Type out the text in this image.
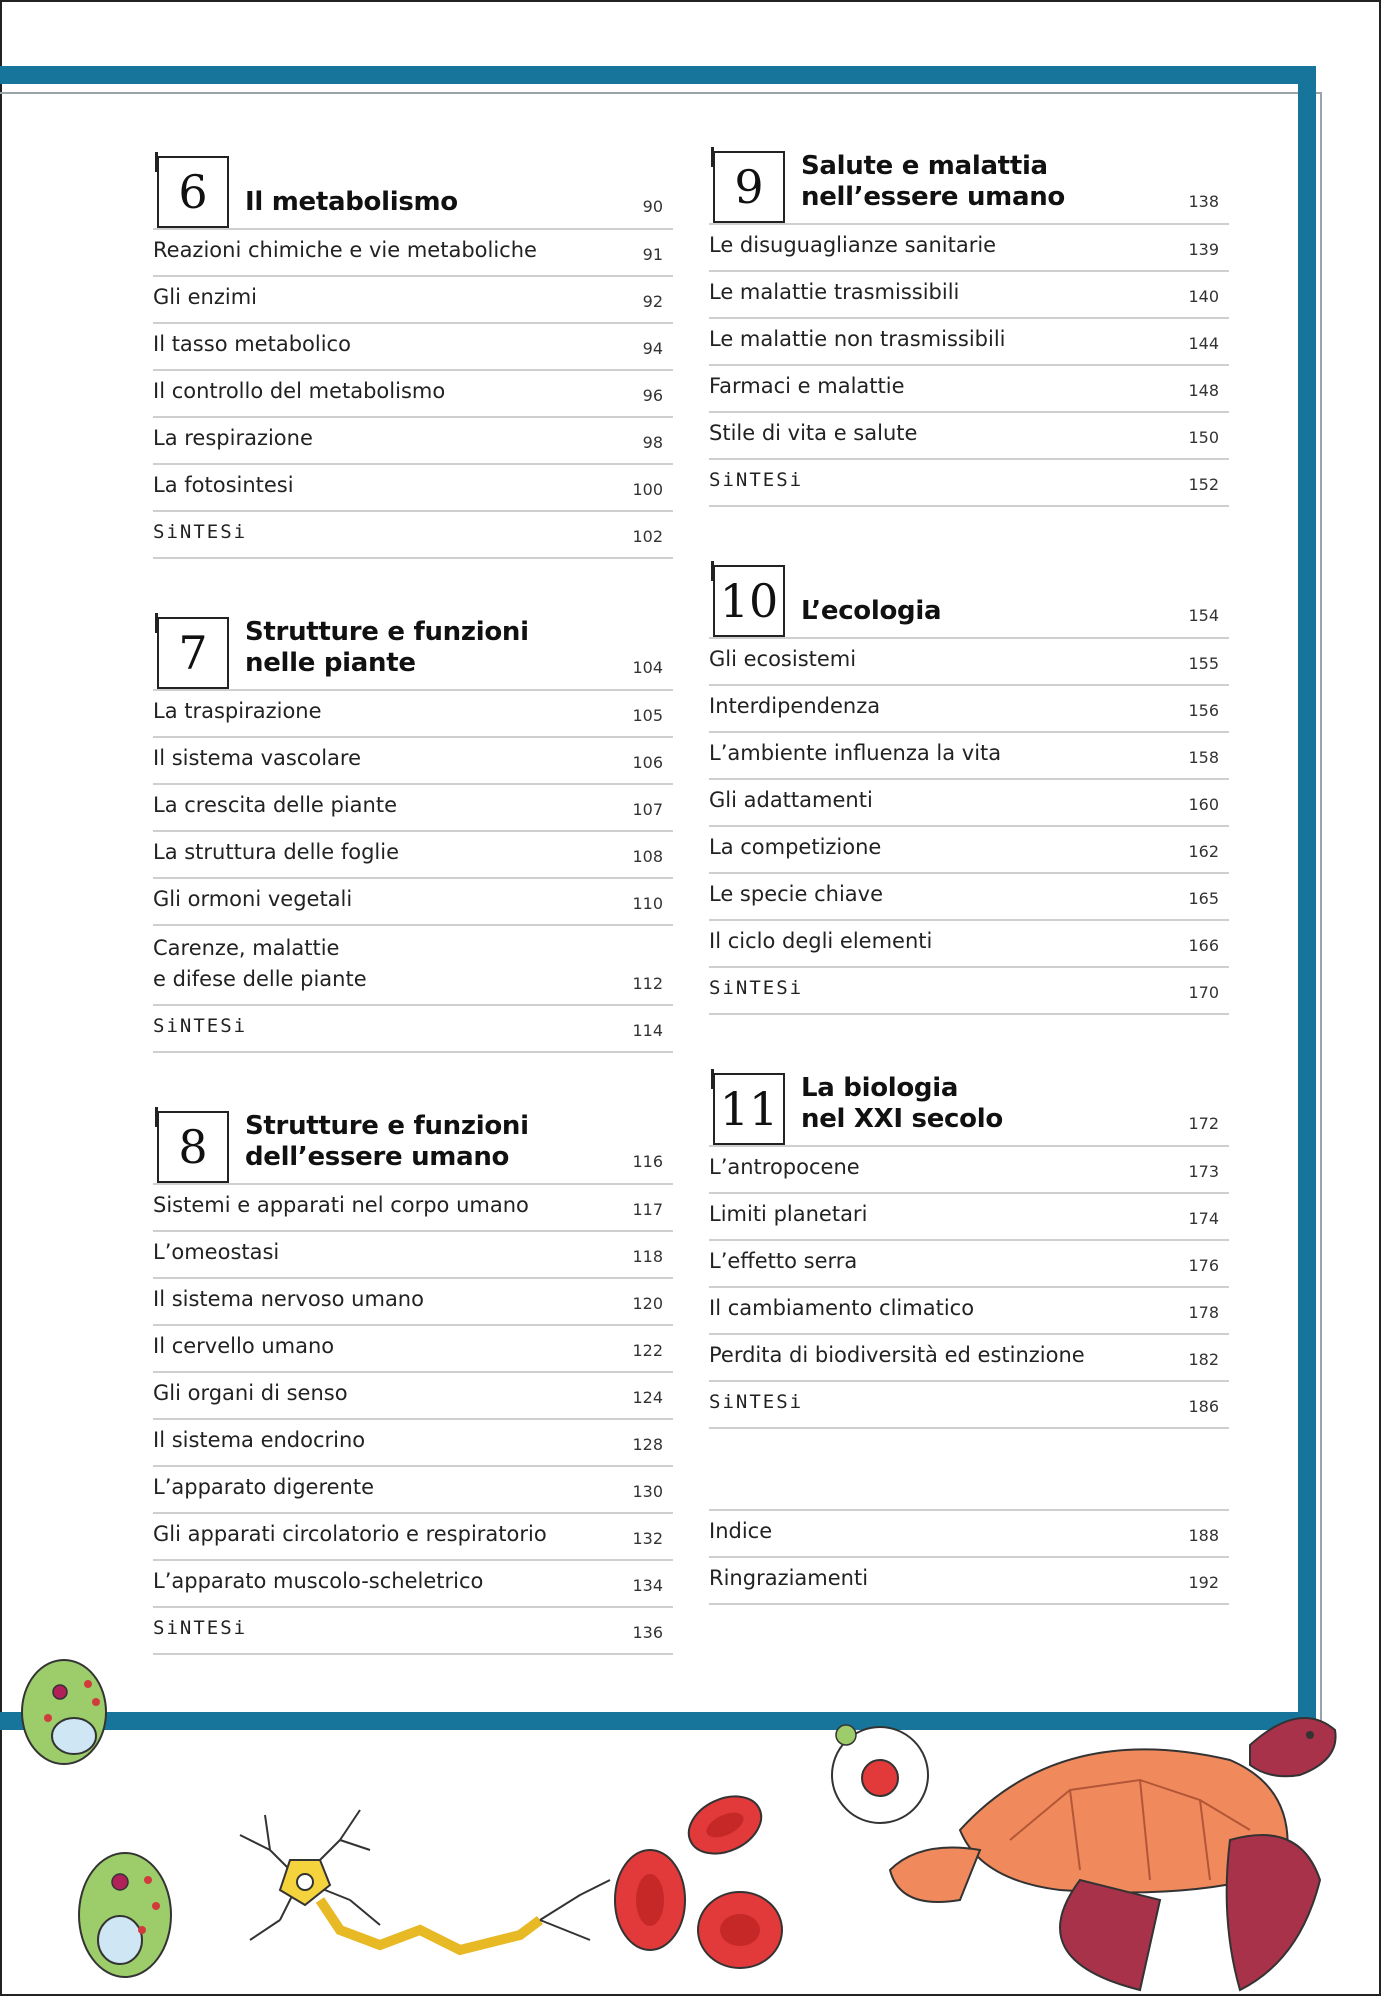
6	Il metabolismo	90
Reazioni chimiche e vie metaboliche	91
Gli enzimi	92
Il tasso metabolico	94
Il controllo del metabolismo	96
La respirazione	98
La fotosintesi	100
SiNTESi	102
7	Strutture e funzioni
nelle piante	104
La traspirazione	105
Il sistema vascolare	106
La crescita delle piante	107
La struttura delle foglie	108
Gli ormoni vegetali	110
Carenze, malattie
e difese delle piante	112
SiNTESi	114
8	Strutture e funzioni
dell’essere umano	116
Sistemi e apparati nel corpo umano	117
L’omeostasi	118
Il sistema nervoso umano	120
Il cervello umano	122
Gli organi di senso	124
Il sistema endocrino	128
L’apparato digerente	130
Gli apparati circolatorio e respiratorio	132
L’apparato muscolo-scheletrico	134
SiNTESi	136
9	Salute e malattia
nell’essere umano	138
Le disuguaglianze sanitarie	139
Le malattie trasmissibili	140
Le malattie non trasmissibili	144
Farmaci e malattie	148
Stile di vita e salute	150
SiNTESi	152
10 L’ecologia	154
Gli ecosistemi	155
Interdipendenza	156
L’ambiente influenza la vita	158
Gli adattamenti	160
La competizione	162
Le specie chiave	165
Il ciclo degli elementi	166
SiNTESi	170
11 La biologia
nel XXI secolo	172
L’antropocene	173
Limiti planetari	174
L’effetto serra	176
Il cambiamento climatico	178
Perdita di biodiversità ed estinzione	182
SiNTESi	186
Indice	188
Ringraziamenti	192
